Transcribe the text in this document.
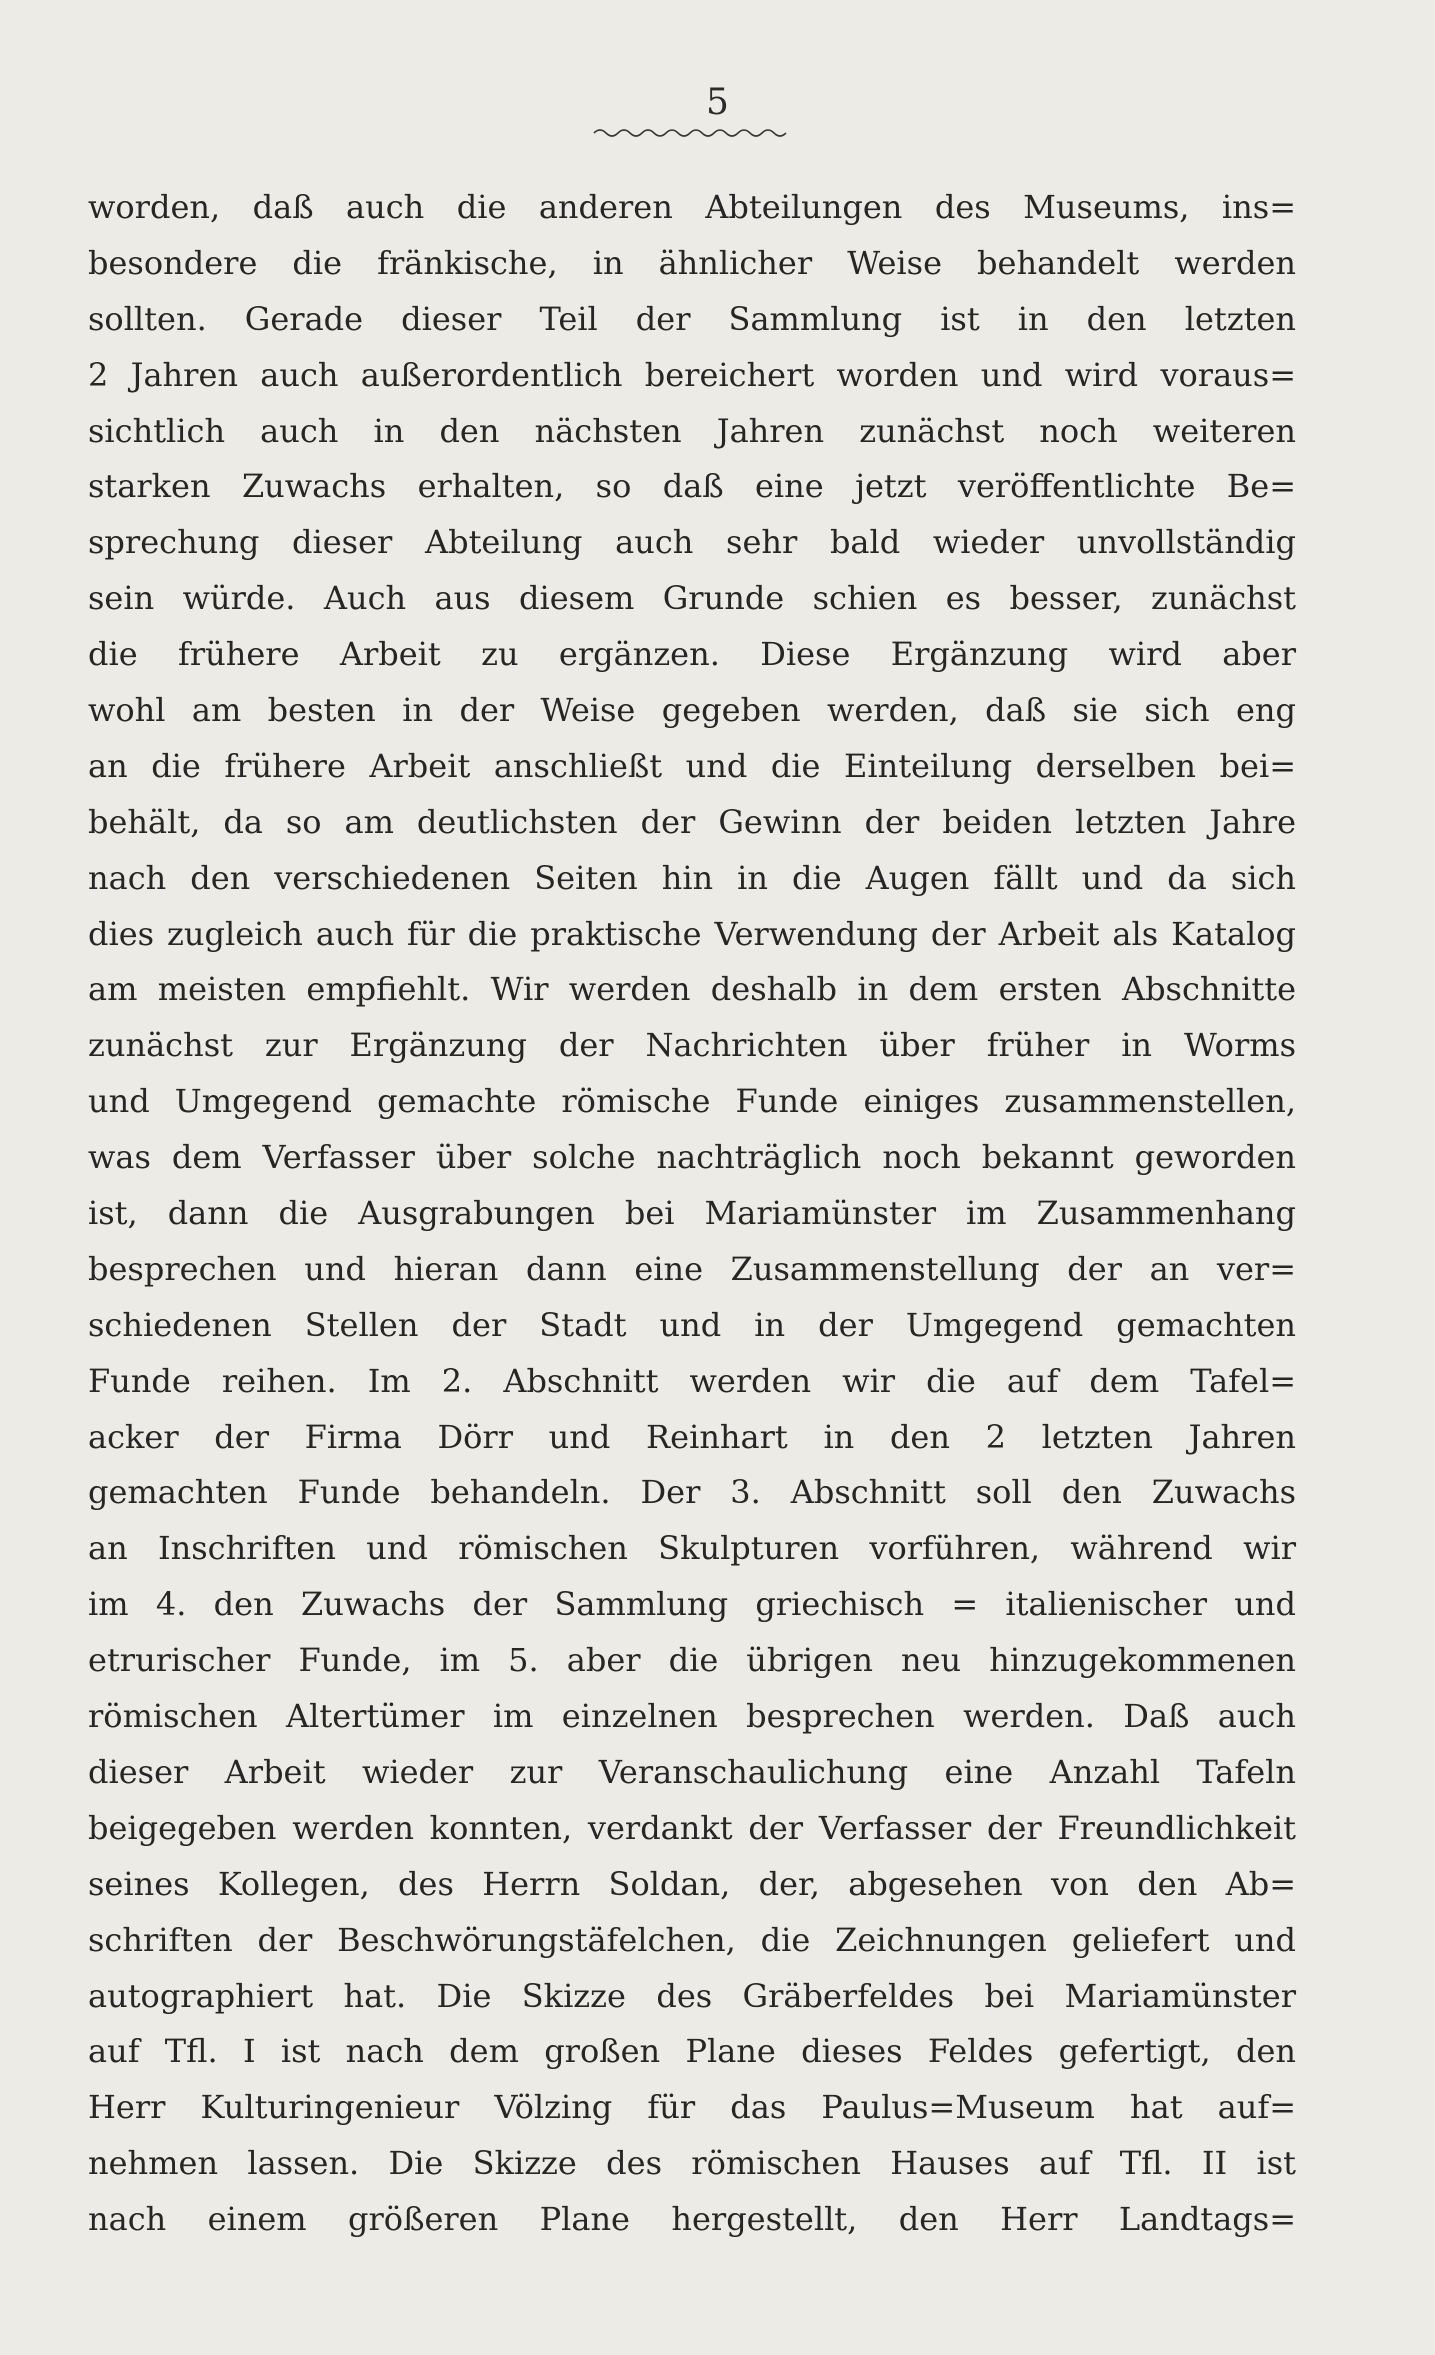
5

worden, daß auch die anderen Abteilungen des Museums, ins=
besondere die fränkische, in ähnlicher Weise behandelt werden
sollten. Gerade dieser Teil der Sammlung ist in den letzten
2 Jahren auch außerordentlich bereichert worden und wird voraus=
sichtlich auch in den nächsten Jahren zunächst noch weiteren
starken Zuwachs erhalten, so daß eine jetzt veröffentlichte Be=
sprechung dieser Abteilung auch sehr bald wieder unvollständig
sein würde. Auch aus diesem Grunde schien es besser, zunächst
die frühere Arbeit zu ergänzen. Diese Ergänzung wird aber
wohl am besten in der Weise gegeben werden, daß sie sich eng
an die frühere Arbeit anschließt und die Einteilung derselben bei=
behält, da so am deutlichsten der Gewinn der beiden letzten Jahre
nach den verschiedenen Seiten hin in die Augen fällt und da sich
dies zugleich auch für die praktische Verwendung der Arbeit als Katalog
am meisten empfiehlt. Wir werden deshalb in dem ersten Abschnitte
zunächst zur Ergänzung der Nachrichten über früher in Worms
und Umgegend gemachte römische Funde einiges zusammenstellen,
was dem Verfasser über solche nachträglich noch bekannt geworden
ist, dann die Ausgrabungen bei Mariamünster im Zusammenhang
besprechen und hieran dann eine Zusammenstellung der an ver=
schiedenen Stellen der Stadt und in der Umgegend gemachten
Funde reihen. Im 2. Abschnitt werden wir die auf dem Tafel=
acker der Firma Dörr und Reinhart in den 2 letzten Jahren
gemachten Funde behandeln. Der 3. Abschnitt soll den Zuwachs
an Inschriften und römischen Skulpturen vorführen, während wir
im 4. den Zuwachs der Sammlung griechisch = italienischer und
etrurischer Funde, im 5. aber die übrigen neu hinzugekommenen
römischen Altertümer im einzelnen besprechen werden. Daß auch
dieser Arbeit wieder zur Veranschaulichung eine Anzahl Tafeln
beigegeben werden konnten, verdankt der Verfasser der Freundlichkeit
seines Kollegen, des Herrn Soldan, der, abgesehen von den Ab=
schriften der Beschwörungstäfelchen, die Zeichnungen geliefert und
autographiert hat. Die Skizze des Gräberfeldes bei Mariamünster
auf Tfl. I ist nach dem großen Plane dieses Feldes gefertigt, den
Herr Kulturingenieur Völzing für das Paulus=Museum hat auf=
nehmen lassen. Die Skizze des römischen Hauses auf Tfl. II ist
nach einem größeren Plane hergestellt, den Herr Landtags=
